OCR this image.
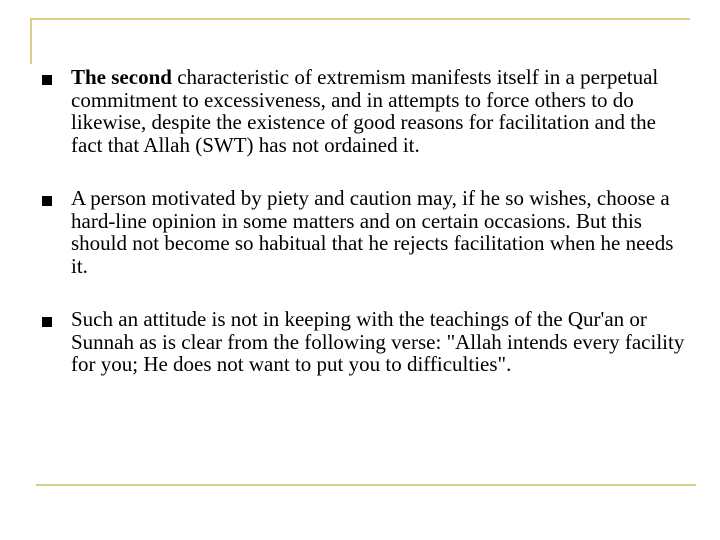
The second characteristic of extremism manifests itself in a perpetual commitment to excessiveness, and in attempts to force others to do likewise, despite the existence of good reasons for facilitation and the fact that Allah (SWT) has not ordained it.
A person motivated by piety and caution may, if he so wishes, choose a hard-line opinion in some matters and on certain occasions. But this should not become so habitual that he rejects facilitation when he needs it.
Such an attitude is not in keeping with the teachings of the Qur'an or Sunnah as is clear from the following verse: "Allah intends every facility for you; He does not want to put you to difficulties".
